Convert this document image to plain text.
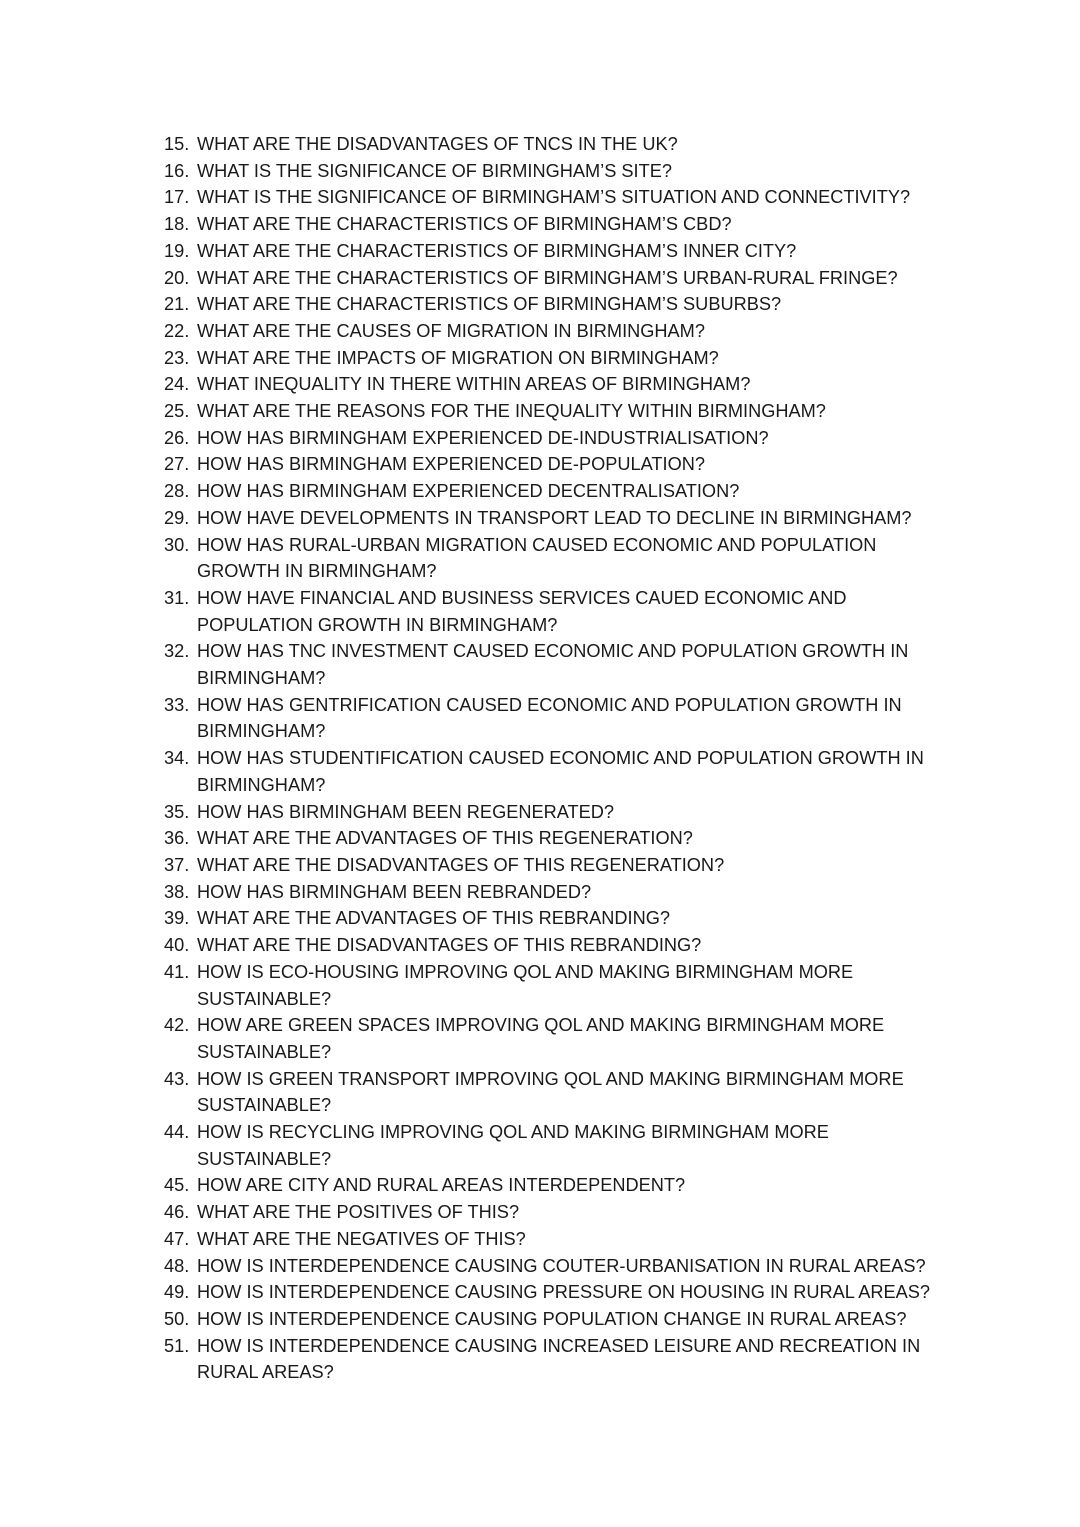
15. WHAT ARE THE DISADVANTAGES OF TNCS IN THE UK?
16. WHAT IS THE SIGNIFICANCE OF BIRMINGHAM’S SITE?
17. WHAT IS THE SIGNIFICANCE OF BIRMINGHAM’S SITUATION AND CONNECTIVITY?
18. WHAT ARE THE CHARACTERISTICS OF BIRMINGHAM’S CBD?
19. WHAT ARE THE CHARACTERISTICS OF BIRMINGHAM’S INNER CITY?
20. WHAT ARE THE CHARACTERISTICS OF BIRMINGHAM’S URBAN-RURAL FRINGE?
21. WHAT ARE THE CHARACTERISTICS OF BIRMINGHAM’S SUBURBS?
22. WHAT ARE THE CAUSES OF MIGRATION IN BIRMINGHAM?
23. WHAT ARE THE IMPACTS OF MIGRATION ON BIRMINGHAM?
24. WHAT INEQUALITY IN THERE WITHIN AREAS OF BIRMINGHAM?
25. WHAT ARE THE REASONS FOR THE INEQUALITY WITHIN BIRMINGHAM?
26. HOW HAS BIRMINGHAM EXPERIENCED DE-INDUSTRIALISATION?
27. HOW HAS BIRMINGHAM EXPERIENCED DE-POPULATION?
28. HOW HAS BIRMINGHAM EXPERIENCED DECENTRALISATION?
29. HOW HAVE DEVELOPMENTS IN TRANSPORT LEAD TO DECLINE IN BIRMINGHAM?
30. HOW HAS RURAL-URBAN MIGRATION CAUSED ECONOMIC AND POPULATION GROWTH IN BIRMINGHAM?
31. HOW HAVE FINANCIAL AND BUSINESS SERVICES CAUED ECONOMIC AND POPULATION GROWTH IN BIRMINGHAM?
32. HOW HAS TNC INVESTMENT CAUSED ECONOMIC AND POPULATION GROWTH IN BIRMINGHAM?
33. HOW HAS GENTRIFICATION CAUSED ECONOMIC AND POPULATION GROWTH IN BIRMINGHAM?
34. HOW HAS STUDENTIFICATION CAUSED ECONOMIC AND POPULATION GROWTH IN BIRMINGHAM?
35. HOW HAS BIRMINGHAM BEEN REGENERATED?
36. WHAT ARE THE ADVANTAGES OF THIS REGENERATION?
37. WHAT ARE THE DISADVANTAGES OF THIS REGENERATION?
38. HOW HAS BIRMINGHAM BEEN REBRANDED?
39. WHAT ARE THE ADVANTAGES OF THIS REBRANDING?
40. WHAT ARE THE DISADVANTAGES OF THIS REBRANDING?
41. HOW IS ECO-HOUSING IMPROVING QOL AND MAKING BIRMINGHAM MORE SUSTAINABLE?
42. HOW ARE GREEN SPACES IMPROVING QOL AND MAKING BIRMINGHAM MORE SUSTAINABLE?
43. HOW IS GREEN TRANSPORT IMPROVING QOL AND MAKING BIRMINGHAM MORE SUSTAINABLE?
44. HOW IS RECYCLING IMPROVING QOL AND MAKING BIRMINGHAM MORE SUSTAINABLE?
45. HOW ARE CITY AND RURAL AREAS INTERDEPENDENT?
46. WHAT ARE THE POSITIVES OF THIS?
47. WHAT ARE THE NEGATIVES OF THIS?
48. HOW IS INTERDEPENDENCE CAUSING COUTER-URBANISATION IN RURAL AREAS?
49. HOW IS INTERDEPENDENCE CAUSING PRESSURE ON HOUSING IN RURAL AREAS?
50. HOW IS INTERDEPENDENCE CAUSING POPULATION CHANGE IN RURAL AREAS?
51. HOW IS INTERDEPENDENCE CAUSING INCREASED LEISURE AND RECREATION IN RURAL AREAS?
